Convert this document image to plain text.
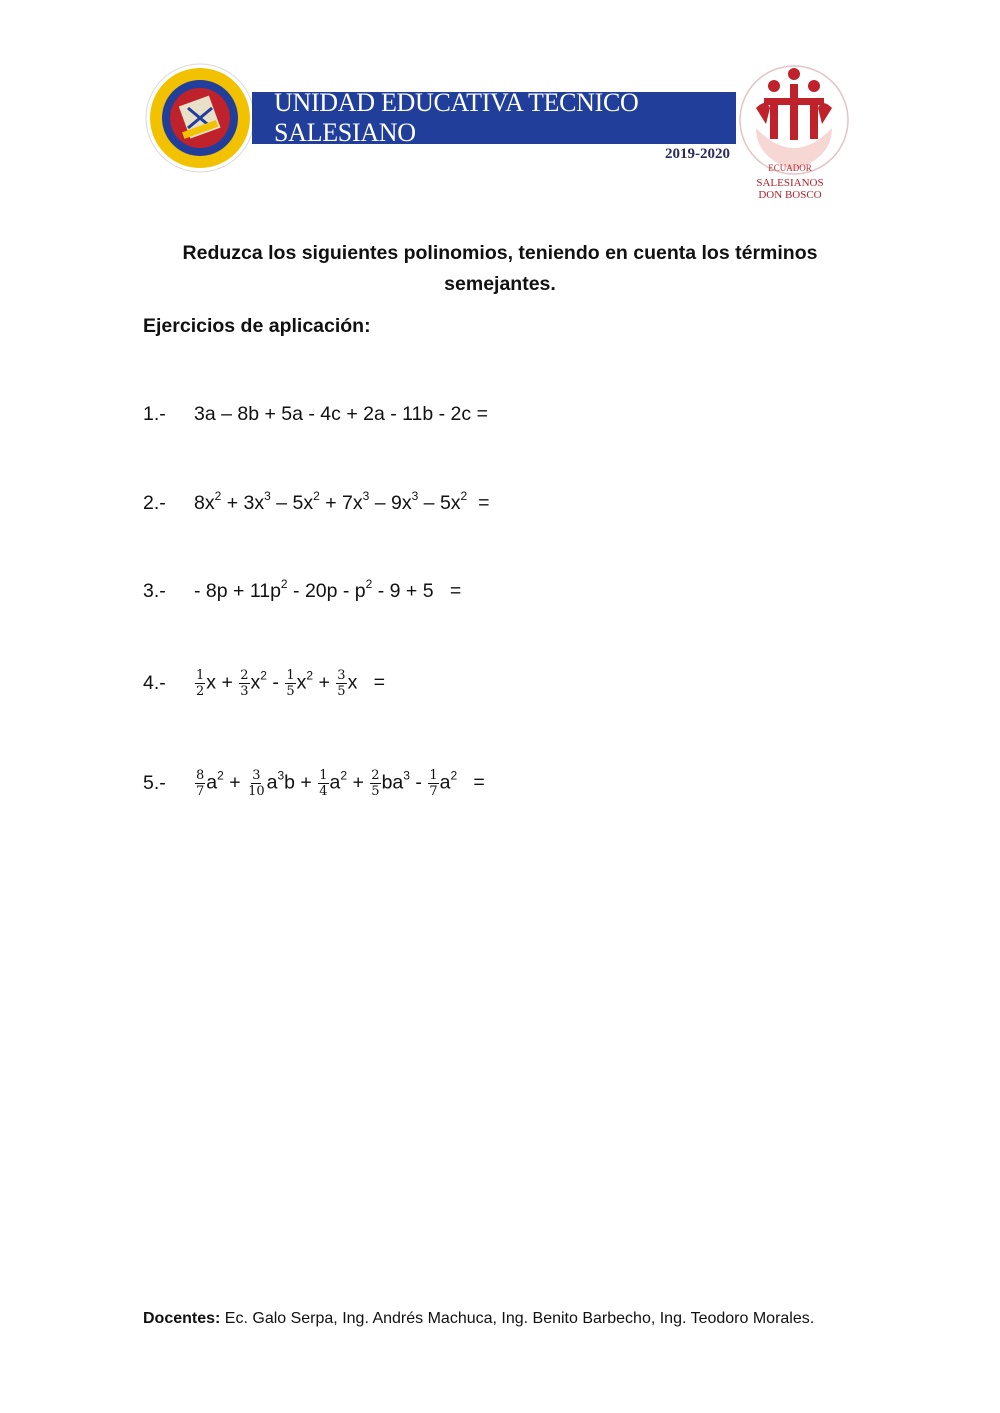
UNIDAD EDUCATIVA TÉCNICO SALESIANO
2019-2020
ECUADOR
SALESIANOS
DON BOSCO
Reduzca los siguientes polinomios, teniendo en cuenta los términos semejantes.
Ejercicios de aplicación:
1.-	3a – 8b + 5a - 4c + 2a - 11b - 2c =
2.-	$8x^2 + 3x^3 - 5x^2 + 7x^3 - 9x^3 - 5x^2$  =
3.-	- $8p + 11p^2 - 20p - p^2 - 9 + 5$   =
4.-	$\frac{1}{2}$ $x + \frac{2}{3} x^2 - \frac{1}{5} x^2 + \frac{3}{5}$ x   =
5.-	$\frac{8}{7} a^2 + \frac{3}{10} a^3b + \frac{1}{4} a^2 + \frac{2}{5} ba^3 - \frac{1}{7} a^2$   =
Docentes: Ec. Galo Serpa, Ing. Andrés Machuca, Ing. Benito Barbecho, Ing. Teodoro Morales.
